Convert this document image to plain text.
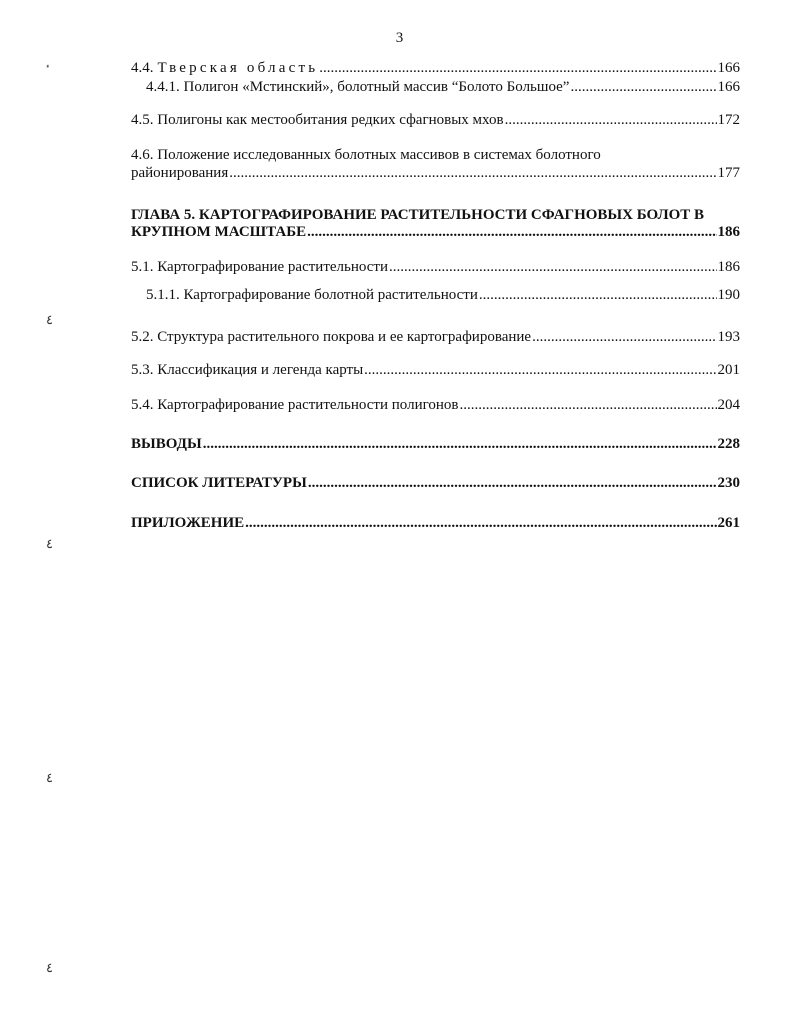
3
ٴ
٤
٤
٤
٤
4.4. Тверская область .....	166
4.4.1. Полигон «Мстинский», болотный массив “Болото Большое” .....	166
4.5. Полигоны как местообитания редких сфагновых мхов .....	172
4.6. Положение исследованных болотных массивов в системах болотного
районирования .....	177
ГЛАВА 5. КАРТОГРАФИРОВАНИЕ РАСТИТЕЛЬНОСТИ СФАГНОВЫХ БОЛОТ В
КРУПНОМ МАСШТАБЕ .....	186
5.1. Картографирование растительности .....	186
5.1.1. Картографирование болотной растительности .....	190
5.2. Структура растительного покрова и ее картографирование .....	193
5.3. Классификация и легенда карты .....	201
5.4. Картографирование растительности полигонов .....	204
ВЫВОДЫ .....	228
СПИСОК ЛИТЕРАТУРЫ .....	230
ПРИЛОЖЕНИЕ .....	261
